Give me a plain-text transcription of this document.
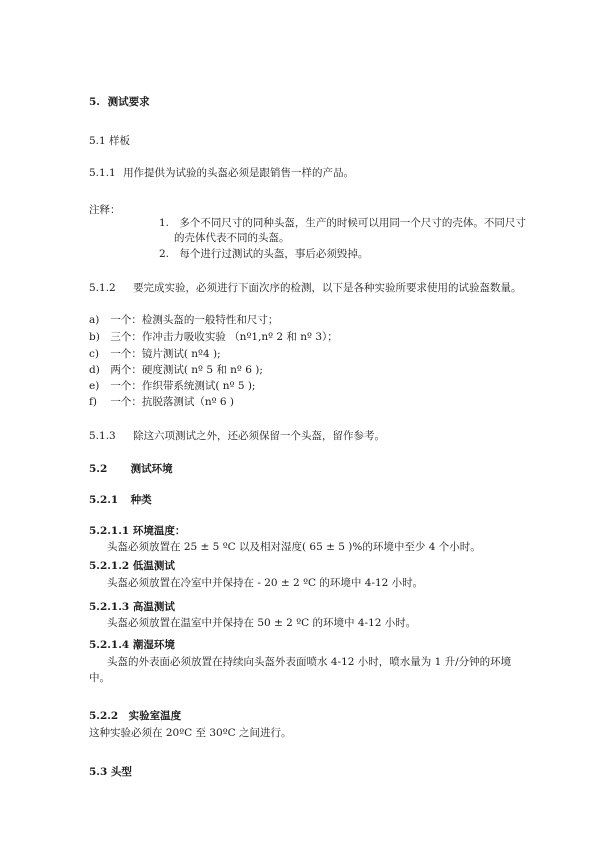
5. 测试要求
5.1 样板
5.1.1 用作提供为试验的头盔必须是跟销售一样的产品。
注释：
1. 多个不同尺寸的同种头盔，生产的时候可以用同一个尺寸的壳体。不同尺寸
的壳体代表不同的头盔。
2. 每个进行过测试的头盔，事后必须毁掉。
5.1.2 要完成实验，必须进行下面次序的检测，以下是各种实验所要求使用的试验盔数量。
a) 一个：检测头盔的一般特性和尺寸；
b) 三个：作冲击力吸收实验 （nº1,nº 2 和 nº 3）；
c) 一个：镜片测试( nº4 );
d) 两个：硬度测试( nº 5 和 nº 6 );
e) 一个：作织带系统测试( nº 5 );
f) 一个：抗脱落测试（nº 6 )
5.1.3 除这六项测试之外，还必须保留一个头盔，留作参考。
5.2 测试环境
5.2.1 种类
5.2.1.1 环境温度：
头盔必须放置在 25 ± 5 ºC 以及相对湿度( 65 ± 5 )%的环境中至少 4 个小时。
5.2.1.2 低温测试
头盔必须放置在冷室中并保持在 - 20 ± 2 ºC 的环境中 4-12 小时。
5.2.1.3 高温测试
头盔必须放置在温室中并保持在 50 ± 2 ºC 的环境中 4-12 小时。
5.2.1.4 潮湿环境
头盔的外表面必须放置在持续向头盔外表面喷水 4-12 小时，喷水量为 1 升/分钟的环境
中。
5.2.2 实验室温度
这种实验必须在 20ºC 至 30ºC 之间进行。
5.3 头型
